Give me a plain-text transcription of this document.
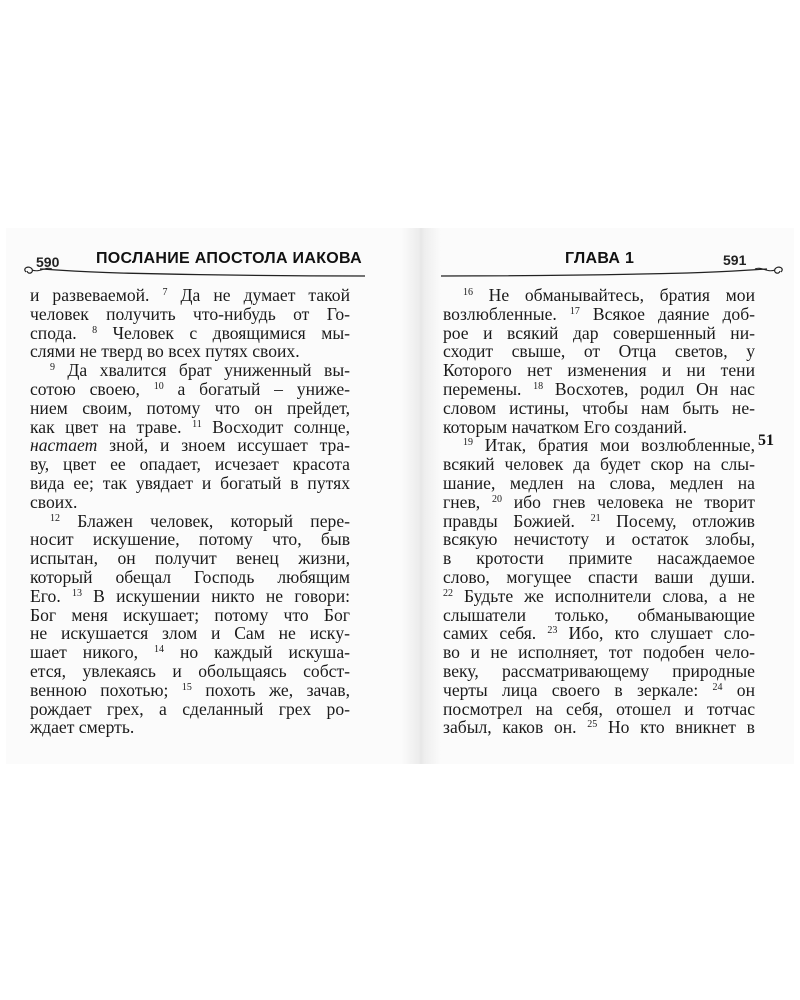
590 ПОСЛАНИЕ АПОСТОЛА ИАКОВА
и развеваемой. $^7$ Да не думает такой
человек получить что-нибудь от Го-
спода. $^8$ Человек с двоящимися мы-
слями не тверд во всех путях своих.
$^9$ Да хвалится брат униженный вы-
сотою своею, $^{10}$ а богатый – униже-
нием своим, потому что он прейдет,
как цвет на траве. $^{11}$ Восходит солнце,
настает зной, и зноем иссушает тра-
ву, цвет ее опадает, исчезает красота
вида ее; так увядает и богатый в путях
своих.
$^{12}$ Блажен человек, который пере-
носит искушение, потому что, быв
испытан, он получит венец жизни,
который обещал Господь любящим
Его. $^{13}$ В искушении никто не говори:
Бог меня искушает; потому что Бог
не искушается злом и Сам не искy-
шает никого, $^{14}$ но каждый искуша-
ется, увлекаясь и обольщаясь собст-
венною похотью; $^{15}$ похоть же, зачав,
рождает грех, а сделанный грех ро-
ждает смерть.
ГЛАВА 1	591
$^{16}$ Не обманывайтесь, братия мои
возлюбленные. $^{17}$ Всякое даяние доб-
рое и всякий дар совершенный ни-
сходит свыше, от Отца светов, у
Которого нет изменения и ни тени
перемены. $^{18}$ Восхотев, родил Он нас
словом истины, чтобы нам быть не-
которым начатком Его созданий.
$^{19}$ Итак, братия мои возлюбленные,
всякий человек да будет скор на слы-
шание, медлен на слова, медлен на
гнев, $^{20}$ ибо гнев человека не творит
правды Божией. $^{21}$ Посему, отложив
всякую нечистоту и остаток злобы,
в кротости примите насаждаемое
слово, могущее спасти ваши души.
$^{22}$ Будьте же исполнители слова, а не
слышатели только, обманывающие
самих себя. $^{23}$ Ибо, кто слушает сло-
во и не исполняет, тот подобен чело-
веку, рассматривающему природные
черты лица своего в зеркале: $^{24}$ он
посмотрел на себя, отошел и тотчас
забыл, каков он. $^{25}$ Но кто вникнет в
51
